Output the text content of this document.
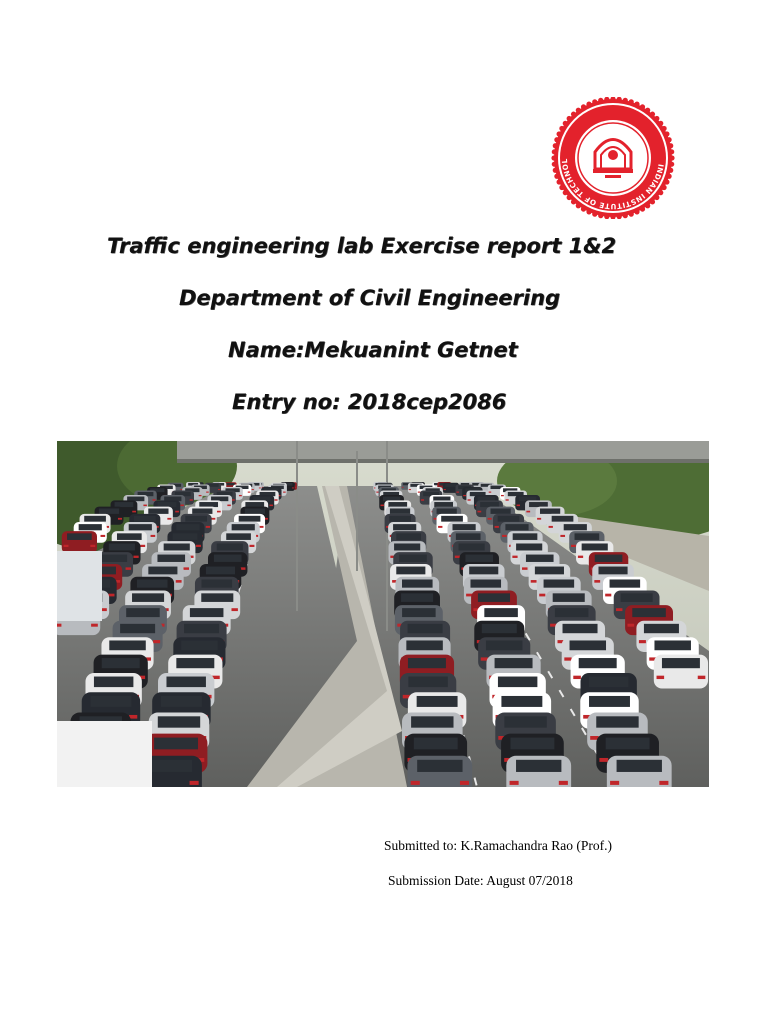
INDIAN INSTITUTE OF TECHNOL
Traffic engineering lab Exercise report 1&2
Department of Civil Engineering
Name:Mekuanint Getnet
Entry no: 2018cep2086
Submitted to: K.Ramachandra Rao (Prof.)
Submission Date: August 07/2018
